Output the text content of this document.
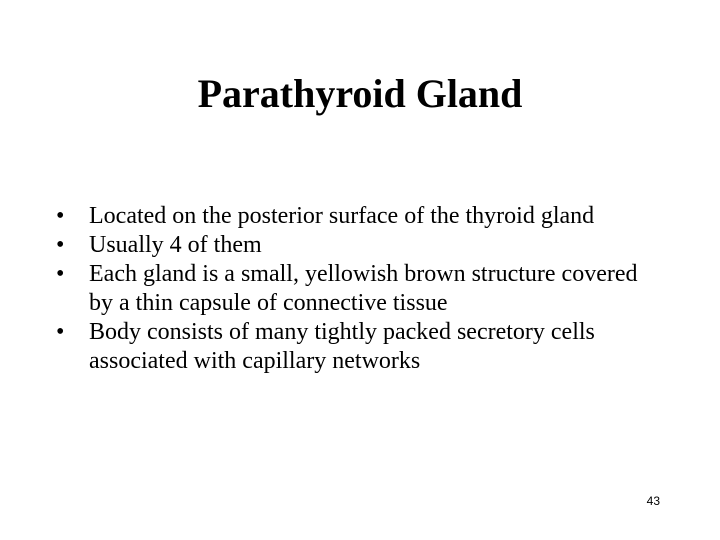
Parathyroid Gland
• Located on the posterior surface of the thyroid gland
• Usually 4 of them
• Each gland is a small, yellowish brown structure covered by a thin capsule of connective tissue
• Body consists of many tightly packed secretory cells associated with capillary networks
43
